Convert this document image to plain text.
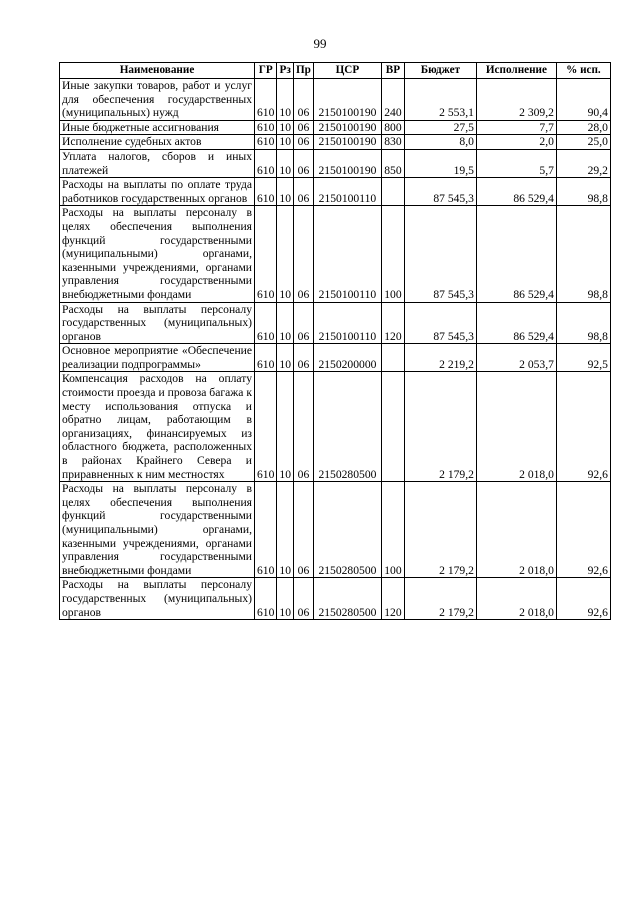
99
Наименование	ГР	Рз	Пр	ЦСР	ВР	Бюджет	Исполнение	% исп.
Иные закупки товаров, работ и услуг для обеспечения государственных (муниципальных) нужд	610	10	06	2150100190	240	2 553,1	2 309,2	90,4
Иные бюджетные ассигнования	610	10	06	2150100190	800	27,5	7,7	28,0
Исполнение судебных актов	610	10	06	2150100190	830	8,0	2,0	25,0
Уплата налогов, сборов и иных платежей	610	10	06	2150100190	850	19,5	5,7	29,2
Расходы на выплаты по оплате труда работников государственных органов	610	10	06	2150100110		87 545,3	86 529,4	98,8
Расходы на выплаты персоналу в целях обеспечения выполнения функций государственными (муниципальными) органами, казенными учреждениями, органами управления государственными внебюджетными фондами	610	10	06	2150100110	100	87 545,3	86 529,4	98,8
Расходы на выплаты персоналу государственных (муниципальных) органов	610	10	06	2150100110	120	87 545,3	86 529,4	98,8
Основное мероприятие «Обеспечение реализации подпрограммы»	610	10	06	2150200000		2 219,2	2 053,7	92,5
Компенсация расходов на оплату стоимости проезда и провоза багажа к месту использования отпуска и обратно лицам, работающим в организациях, финансируемых из областного бюджета, расположенных в районах Крайнего Севера и приравненных к ним местностях	610	10	06	2150280500		2 179,2	2 018,0	92,6
Расходы на выплаты персоналу в целях обеспечения выполнения функций государственными (муниципальными) органами, казенными учреждениями, органами управления государственными внебюджетными фондами	610	10	06	2150280500	100	2 179,2	2 018,0	92,6
Расходы на выплаты персоналу государственных (муниципальных) органов	610	10	06	2150280500	120	2 179,2	2 018,0	92,6
